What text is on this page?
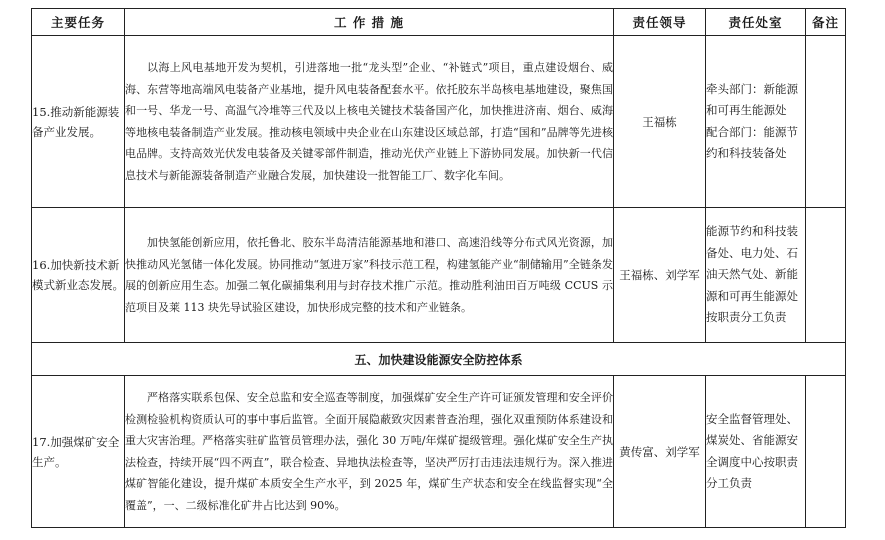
主要任务	工 作 措 施	责任领导	责任处室	备注
15.推动新能源装备产业发展。	以海上风电基地开发为契机，引进落地一批“龙头型”企业、“补链式”项目，重点建设烟台、威海、东营等地高端风电装备产业基地，提升风电装备配套水平。依托胶东半岛核电基地建设，聚焦国和一号、华龙一号、高温气冷堆等三代及以上核电关键技术装备国产化，加快推进济南、烟台、威海等地核电装备制造产业发展。推动核电领域中央企业在山东建设区域总部，打造“国和”品牌等先进核电品牌。支持高效光伏发电装备及关键零部件制造，推动光伏产业链上下游协同发展。加快新一代信息技术与新能源装备制造产业融合发展，加快建设一批智能工厂、数字化车间。	王福栋	牵头部门：新能源和可再生能源处
配合部门：能源节约和科技装备处	

16.加快新技术新模式新业态发展。	加快氢能创新应用，依托鲁北、胶东半岛清洁能源基地和港口、高速沿线等分布式风光资源，加快推动风光氢储一体化发展。协同推动“氢进万家”科技示范工程，构建氢能产业“制储输用”全链条发展的创新应用生态。加强二氧化碳捕集利用与封存技术推广示范。推动胜利油田百万吨级 CCUS 示范项目及莱 113 块先导试验区建设，加快形成完整的技术和产业链条。	王福栋、刘学军	能源节约和科技装备处、电力处、石油天然气处、新能源和可再生能源处按职责分工负责	
五、加快建设能源安全防控体系				
17.加强煤矿安全生产。	严格落实联系包保、安全总监和安全巡查等制度，加强煤矿安全生产许可证颁发管理和安全评价检测检验机构资质认可的事中事后监管。全面开展隐蔽致灾因素普查治理，强化双重预防体系建设和重大灾害治理。严格落实驻矿监管员管理办法，强化 30 万吨/年煤矿提级管理。强化煤矿安全生产执法检查，持续开展“四不两直”，联合检查、异地执法检查等，坚决严厉打击违法违规行为。深入推进煤矿智能化建设，提升煤矿本质安全生产水平，到 2025 年，煤矿生产状态和安全在线监督实现“全覆盖”，一、二级标准化矿井占比达到 90%。	黄传富、刘学军	安全监督管理处、煤炭处、省能源安全调度中心按职责分工负责	
